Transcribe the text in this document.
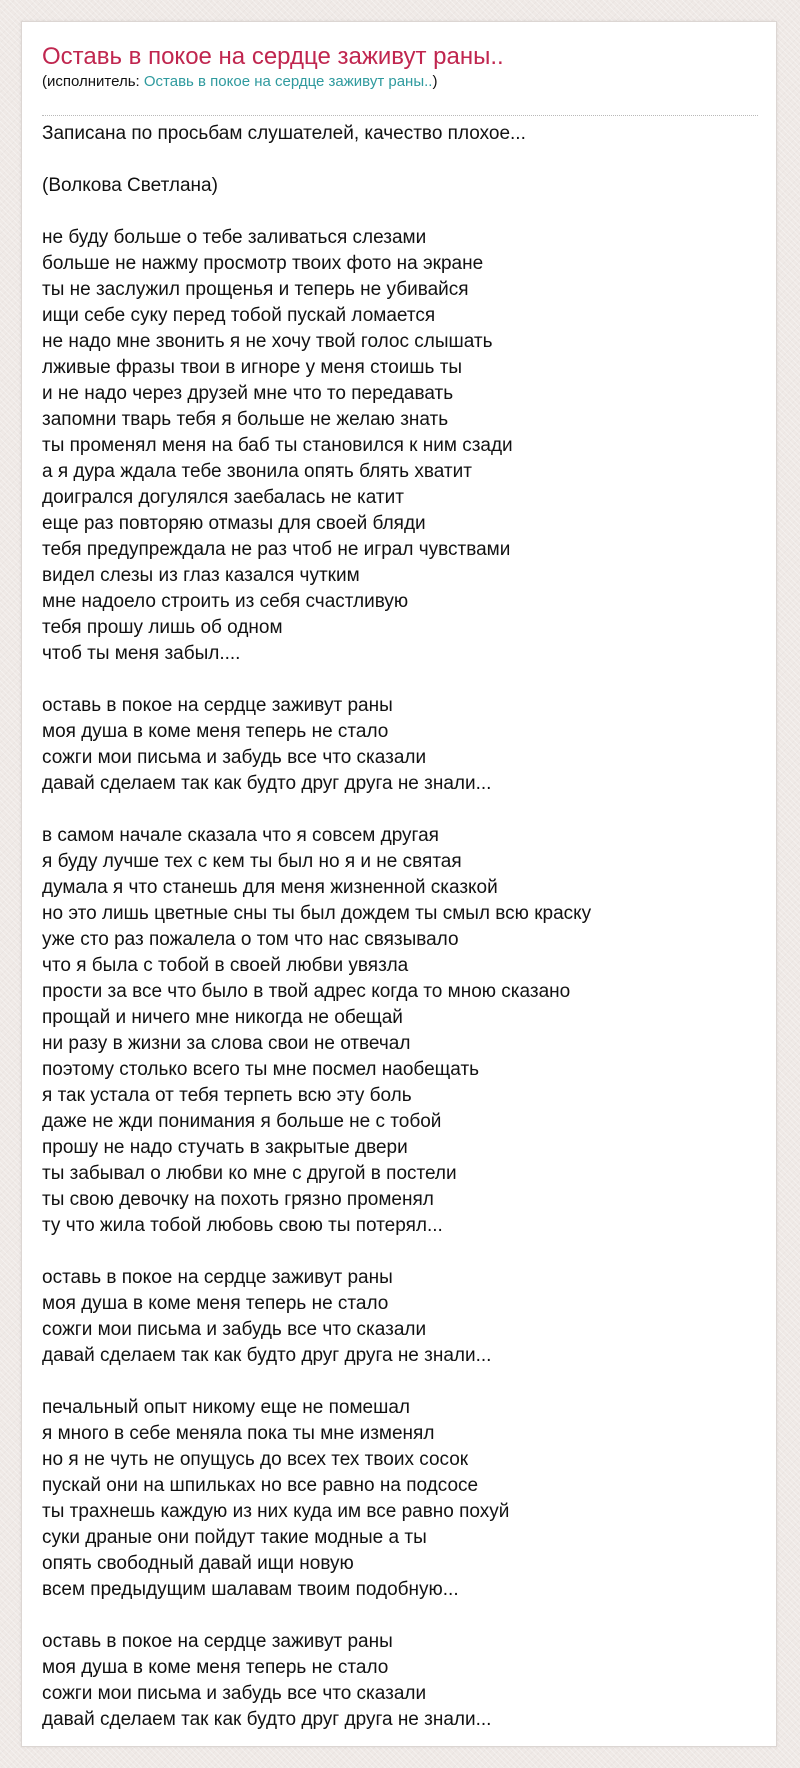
Оставь в покое на сердце заживут раны..
(исполнитель: Оставь в покое на сердце заживут раны..)
Записана по просьбам слушателей, качество плохое...
(Волкова Светлана)
не буду больше о тебе заливаться слезами
больше не нажму просмотр твоих фото на экране
ты не заслужил прощенья и теперь не убивайся
ищи себе суку перед тобой пускай ломается
не надо мне звонить я не хочу твой голос слышать
лживые фразы твои в игноре у меня стоишь ты
и не надо через друзей мне что то передавать
запомни тварь тебя я больше не желаю знать
ты променял меня на баб ты становился к ним сзади
а я дура ждала тебе звонила опять блять хватит
доигрался догулялся заебалась не катит
еще раз повторяю отмазы для своей бляди
тебя предупреждала не раз чтоб не играл чувствами
видел слезы из глаз казался чутким
мне надоело строить из себя счастливую
тебя прошу лишь об одном
чтоб ты меня забыл....
оставь в покое на сердце заживут раны
моя душа в коме меня теперь не стало
сожги мои письма и забудь все что сказали
давай сделаем так как будто друг друга не знали...
в самом начале сказала что я совсем другая
я буду лучше тех с кем ты был но я и не святая
думала я что станешь для меня жизненной сказкой
но это лишь цветные сны ты был дождем ты смыл всю краску
уже сто раз пожалела о том что нас связывало
что я была с тобой в своей любви увязла
прости за все что было в твой адрес когда то мною сказано
прощай и ничего мне никогда не обещай
ни разу в жизни за слова свои не отвечал
поэтому столько всего ты мне посмел наобещать
я так устала от тебя терпеть всю эту боль
даже не жди понимания я больше не с тобой
прошу не надо стучать в закрытые двери
ты забывал о любви ко мне с другой в постели
ты свою девочку на похоть грязно променял
ту что жила тобой любовь свою ты потерял...
оставь в покое на сердце заживут раны
моя душа в коме меня теперь не стало
сожги мои письма и забудь все что сказали
давай сделаем так как будто друг друга не знали...
печальный опыт никому еще не помешал
я много в себе меняла пока ты мне изменял
но я не чуть не опущусь до всех тех твоих сосок
пускай они на шпильках но все равно на подсосе
ты трахнешь каждую из них куда им все равно похуй
суки драные они пойдут такие модные а ты
опять свободный давай ищи новую
всем предыдущим шалавам твоим подобную...
оставь в покое на сердце заживут раны
моя душа в коме меня теперь не стало
сожги мои письма и забудь все что сказали
давай сделаем так как будто друг друга не знали...
